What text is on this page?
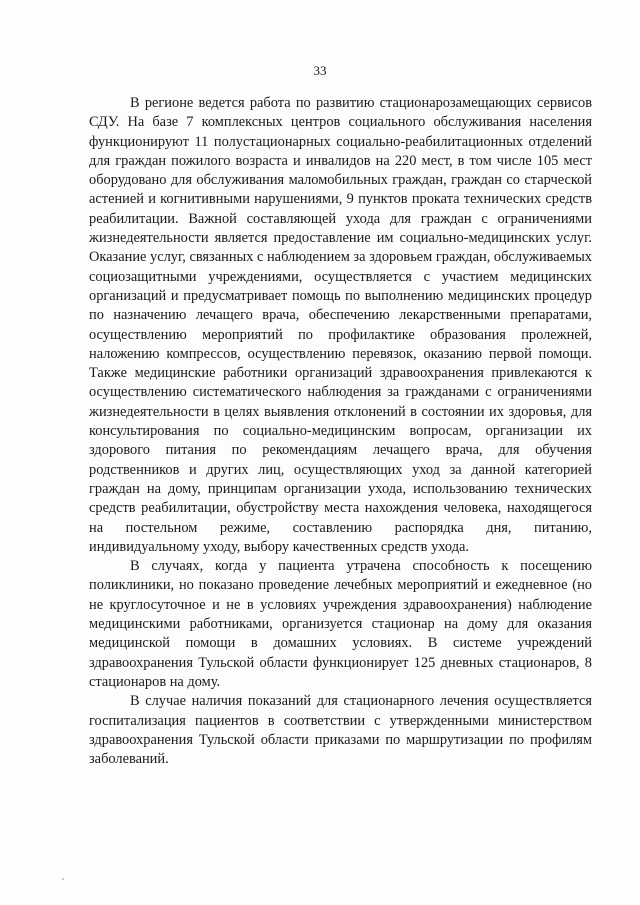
33

В регионе ведется работа по развитию стационарозамещающих сервисов СДУ. На базе 7 комплексных центров социального обслуживания населения функционируют 11 полустационарных социально-реабилитационных отделений для граждан пожилого возраста и инвалидов на 220 мест, в том числе 105 мест оборудовано для обслуживания маломобильных граждан, граждан со старческой астенией и когнитивными нарушениями, 9 пунктов проката технических средств реабилитации. Важной составляющей ухода для граждан с ограничениями жизнедеятельности является предоставление им социально-медицинских услуг. Оказание услуг, связанных с наблюдением за здоровьем граждан, обслуживаемых социозащитными учреждениями, осуществляется с участием медицинских организаций и предусматривает помощь по выполнению медицинских процедур по назначению лечащего врача, обеспечению лекарственными препаратами, осуществлению мероприятий по профилактике образования пролежней, наложению компрессов, осуществлению перевязок, оказанию первой помощи. Также медицинские работники организаций здравоохранения привлекаются к осуществлению систематического наблюдения за гражданами с ограничениями жизнедеятельности в целях выявления отклонений в состоянии их здоровья, для консультирования по социально-медицинским вопросам, организации их здорового питания по рекомендациям лечащего врача, для обучения родственников и других лиц, осуществляющих уход за данной категорией граждан на дому, принципам организации ухода, использованию технических средств реабилитации, обустройству места нахождения человека, находящегося на постельном режиме, составлению распорядка дня, питанию, индивидуальному уходу, выбору качественных средств ухода.

В случаях, когда у пациента утрачена способность к посещению поликлиники, но показано проведение лечебных мероприятий и ежедневное (но не круглосуточное и не в условиях учреждения здравоохранения) наблюдение медицинскими работниками, организуется стационар на дому для оказания медицинской помощи в домашних условиях. В системе учреждений здравоохранения Тульской области функционирует 125 дневных стационаров, 8 стационаров на дому.

В случае наличия показаний для стационарного лечения осуществляется госпитализация пациентов в соответствии с утвержденными министерством здравоохранения Тульской области приказами по маршрутизации по профилям заболеваний.
